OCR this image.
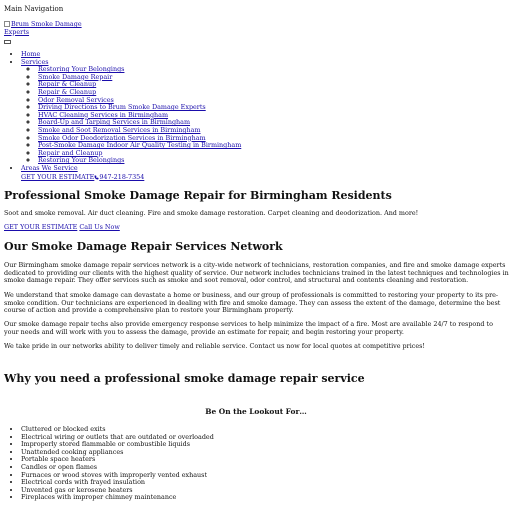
Main Navigation
Brum Smoke Damage Experts
• Home
• Services
◦ Restoring Your Belongings
◦ Smoke Damage Repair
◦ Repair & Cleanup
◦ Repair & Cleanup
◦ Odor Removal Services
◦ Driving Directions to Brum Smoke Damage Experts
◦ HVAC Cleaning Services in Birmingham
◦ Board-Up and Tarping Services in Birmingham
◦ Smoke and Soot Removal Services in Birmingham
◦ Smoke Odor Deodorization Services in Birmingham
◦ Post-Smoke Damage Indoor Air Quality Testing in Birmingham
◦ Repair and Cleanup
◦ Restoring Your Belongings
• Areas We Service
GET YOUR ESTIMATE 947-218-7354
Professional Smoke Damage Repair for Birmingham Residents
Soot and smoke removal. Air duct cleaning. Fire and smoke damage restoration. Carpet cleaning and deodorization. And more!
GET YOUR ESTIMATE Call Us Now
Our Smoke Damage Repair Services Network

Our Birmingham smoke damage repair services network is a city-wide network of technicians, restoration companies, and fire and smoke damage experts dedicated to providing our clients with the highest quality of service. Our network includes technicians trained in the latest techniques and technologies in smoke damage repair. They offer services such as smoke and soot removal, odor control, and structural and contents cleaning and restoration.

We understand that smoke damage can devastate a home or business, and our group of professionals is committed to restoring your property to its pre-smoke condition. Our technicians are experienced in dealing with fire and smoke damage. They can assess the extent of the damage, determine the best course of action and provide a comprehensive plan to restore your Birmingham property.

Our smoke damage repair techs also provide emergency response services to help minimize the impact of a fire. Most are available 24/7 to respond to your needs and will work with you to assess the damage, provide an estimate for repair, and begin restoring your property.

We take pride in our networks ability to deliver timely and reliable service. Contact us now for local quotes at competitive prices!

Why you need a professional smoke damage repair service
Be On the Lookout For…
• Cluttered or blocked exits
• Electrical wiring or outlets that are outdated or overloaded
• Improperly stored flammable or combustible liquids
• Unattended cooking appliances
• Portable space heaters
• Candles or open flames
• Furnaces or wood stoves with improperly vented exhaust
• Electrical cords with frayed insulation
• Unvented gas or kerosene heaters
• Fireplaces with improper chimney maintenance
